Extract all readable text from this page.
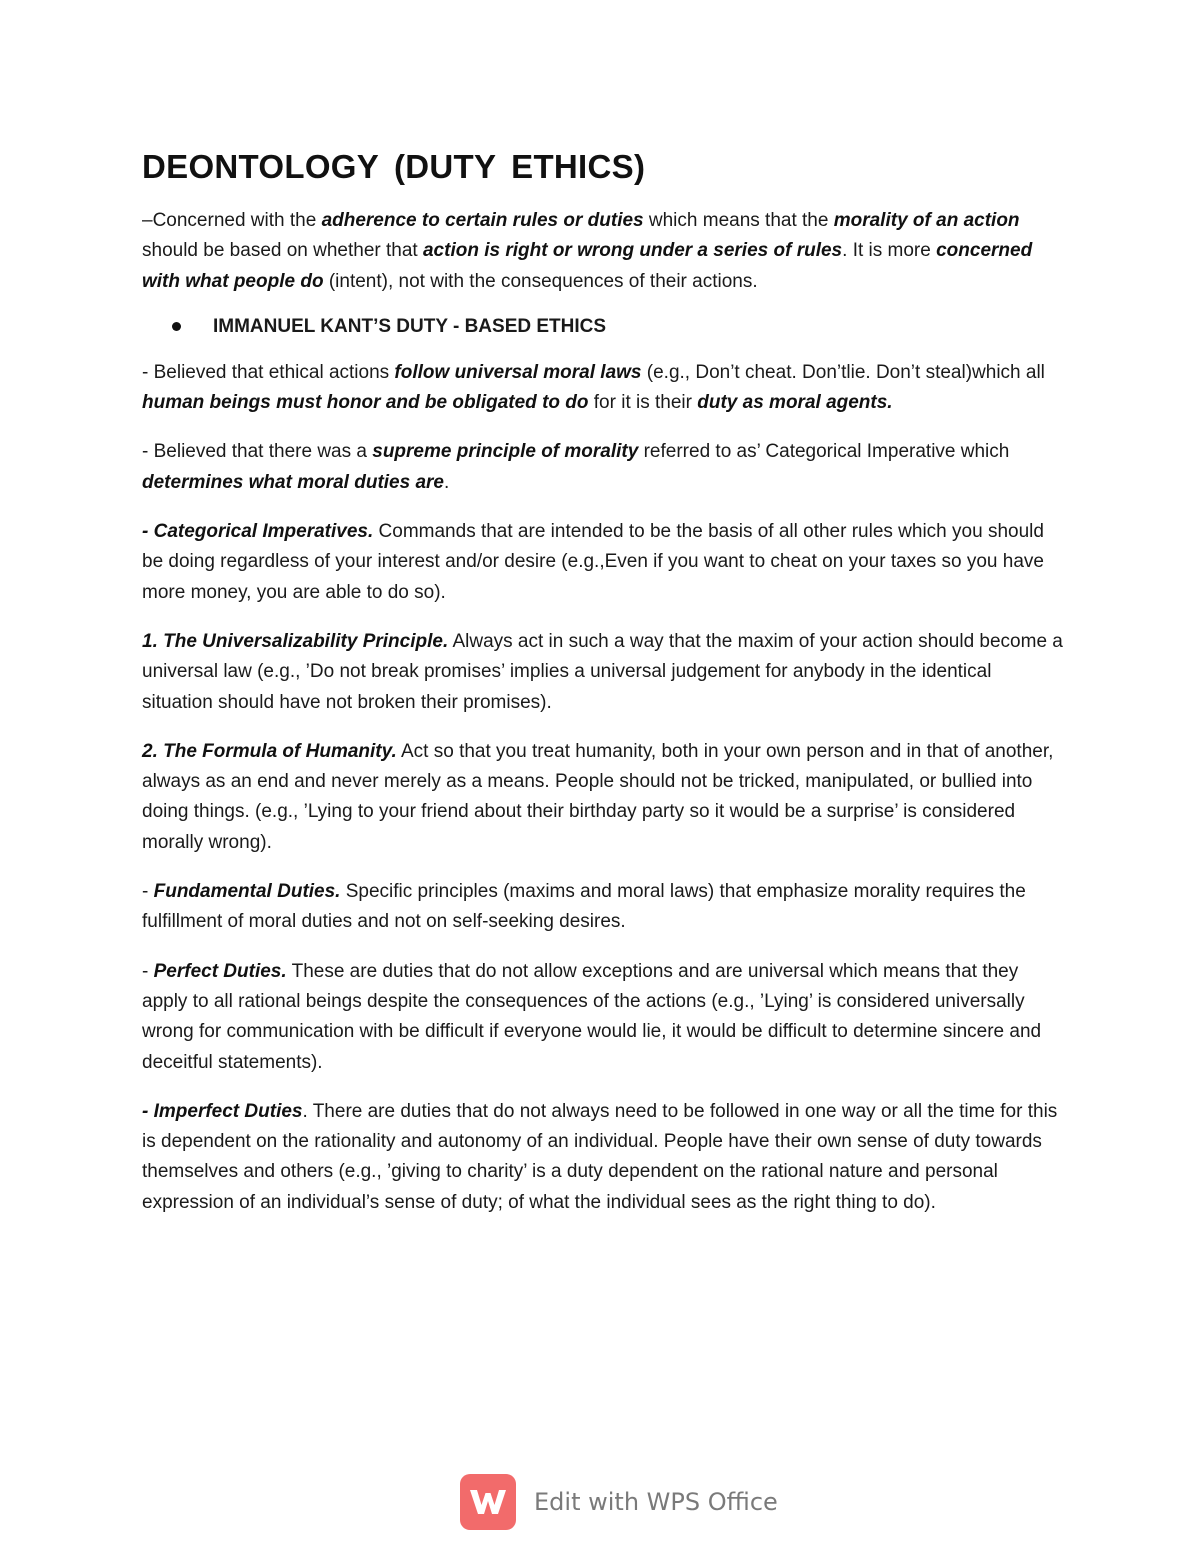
DEONTOLOGY (DUTY ETHICS)

–Concerned with the adherence to certain rules or duties which means that the morality of an action should be based on whether that action is right or wrong under a series of rules. It is more concerned with what people do (intent), not with the consequences of their actions.

IMMANUEL KANT’S DUTY - BASED ETHICS

- Believed that ethical actions follow universal moral laws (e.g., Don’t cheat. Don’tlie. Don’t steal)which all human beings must honor and be obligated to do for it is their duty as moral agents.

- Believed that there was a supreme principle of morality referred to as’ Categorical Imperative which determines what moral duties are.

- Categorical Imperatives. Commands that are intended to be the basis of all other rules which you should be doing regardless of your interest and/or desire (e.g.,Even if you want to cheat on your taxes so you have more money, you are able to do so).

1. The Universalizability Principle. Always act in such a way that the maxim of your action should become a universal law (e.g., ’Do not break promises’ implies a universal judgement for anybody in the identical situation should have not broken their promises).

2. The Formula of Humanity. Act so that you treat humanity, both in your own person and in that of another, always as an end and never merely as a means. People should not be tricked, manipulated, or bullied into doing things. (e.g., ’Lying to your friend about their birthday party so it would be a surprise’ is considered morally wrong).

- Fundamental Duties. Specific principles (maxims and moral laws) that emphasize morality requires the fulfillment of moral duties and not on self-seeking desires.

- Perfect Duties. These are duties that do not allow exceptions and are universal which means that they apply to all rational beings despite the consequences of the actions (e.g., ’Lying’ is considered universally wrong for communication with be difficult if everyone would lie, it would be difficult to determine sincere and deceitful statements).

- Imperfect Duties. There are duties that do not always need to be followed in one way or all the time for this is dependent on the rationality and autonomy of an individual. People have their own sense of duty towards themselves and others (e.g., ’giving to charity’ is a duty dependent on the rational nature and personal expression of an individual’s sense of duty; of what the individual sees as the right thing to do).

Edit with WPS Office
